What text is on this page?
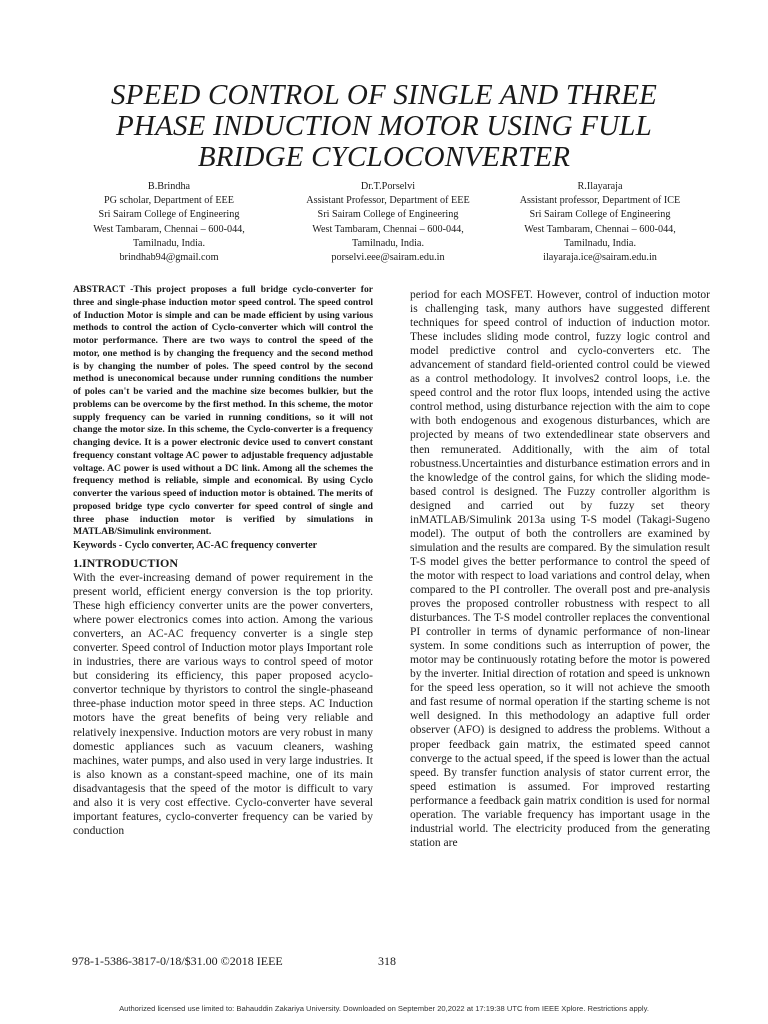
SPEED CONTROL OF SINGLE AND THREE
PHASE INDUCTION MOTOR USING FULL
BRIDGE CYCLOCONVERTER
B.Brindha
PG scholar, Department of EEE
Sri Sairam College of Engineering
West Tambaram, Chennai – 600-044,
Tamilnadu, India.
brindhab94@gmail.com
Dr.T.Porselvi
Assistant Professor, Department of EEE
Sri Sairam College of Engineering
West Tambaram, Chennai – 600-044,
Tamilnadu, India.
porselvi.eee@sairam.edu.in
R.Ilayaraja
Assistant professor, Department of ICE
Sri Sairam College of Engineering
West Tambaram, Chennai – 600-044,
Tamilnadu, India.
ilayaraja.ice@sairam.edu.in

ABSTRACT -This project proposes a full bridge cyclo-converter for three and single-phase induction motor speed control. The speed control of Induction Motor is simple and can be made efficient by using various methods to control the action of Cyclo-converter which will control the motor performance. There are two ways to control the speed of the motor, one method is by changing the frequency and the second method is by changing the number of poles. The speed control by the second method is uneconomical because under running conditions the number of poles can't be varied and the machine size becomes bulkier, but the problems can be overcome by the first method. In this scheme, the motor supply frequency can be varied in running conditions, so it will not change the motor size. In this scheme, the Cyclo-converter is a frequency changing device. It is a power electronic device used to convert constant frequency constant voltage AC power to adjustable frequency adjustable voltage. AC power is used without a DC link. Among all the schemes the frequency method is reliable, simple and economical. By using Cyclo converter the various speed of induction motor is obtained. The merits of proposed bridge type cyclo converter for speed control of single and three phase induction motor is verified by simulations in MATLAB/Simulink environment.

Keywords - Cyclo converter, AC-AC frequency converter

1.INTRODUCTION

With the ever-increasing demand of power requirement in the present world, efficient energy conversion is the top priority. These high efficiency converter units are the power converters, where power electronics comes into action. Among the various converters, an AC-AC frequency converter is a single step converter. Speed control of Induction motor plays Important role in industries, there are various ways to control speed of motor but considering its efficiency, this paper proposed acyclo-convertor technique by thyristors to control the single-phaseand three-phase induction motor speed in three steps. AC Induction motors have the great benefits of being very reliable and relatively inexpensive. Induction motors are very robust in many domestic appliances such as vacuum cleaners, washing machines, water pumps, and also used in very large industries. It is also known as a constant-speed machine, one of its main disadvantagesis that the speed of the motor is difficult to vary and also it is very cost effective. Cyclo-converter have several important features, cyclo-converter frequency can be varied by conduction

period for each MOSFET. However, control of induction motor is challenging task, many authors have suggested different techniques for speed control of induction of induction motor. These includes sliding mode control, fuzzy logic control and model predictive control and cyclo-converters etc. The advancement of standard field-oriented control could be viewed as a control methodology. It involves2 control loops, i.e. the speed control and the rotor flux loops, intended using the active control method, using disturbance rejection with the aim to cope with both endogenous and exogenous disturbances, which are projected by means of two extendedlinear state observers and then remunerated. Additionally, with the aim of total robustness.Uncertainties and disturbance estimation errors and in the knowledge of the control gains, for which the sliding mode-based control is designed. The Fuzzy controller algorithm is designed and carried out by fuzzy set theory inMATLAB/Simulink 2013a using T-S model (Takagi-Sugeno model). The output of both the controllers are examined by simulation and the results are compared. By the simulation result T-S model gives the better performance to control the speed of the motor with respect to load variations and control delay, when compared to the PI controller. The overall post and pre-analysis proves the proposed controller robustness with respect to all disturbances. The T-S model controller replaces the conventional PI controller in terms of dynamic performance of non-linear system. In some conditions such as interruption of power, the motor may be continuously rotating before the motor is powered by the inverter. Initial direction of rotation and speed is unknown for the speed less operation, so it will not achieve the smooth and fast resume of normal operation if the starting scheme is not well designed. In this methodology an adaptive full order observer (AFO) is designed to address the problems. Without a proper feedback gain matrix, the estimated speed cannot converge to the actual speed, if the speed is lower than the actual speed. By transfer function analysis of stator current error, the speed estimation is assumed. For improved restarting performance a feedback gain matrix condition is used for normal operation. The variable frequency has important usage in the industrial world. The electricity produced from the generating station are

978-1-5386-3817-0/18/$31.00 ©2018 IEEE	318
Authorized licensed use limited to: Bahauddin Zakariya University. Downloaded on September 20,2022 at 17:19:38 UTC from IEEE Xplore. Restrictions apply.
